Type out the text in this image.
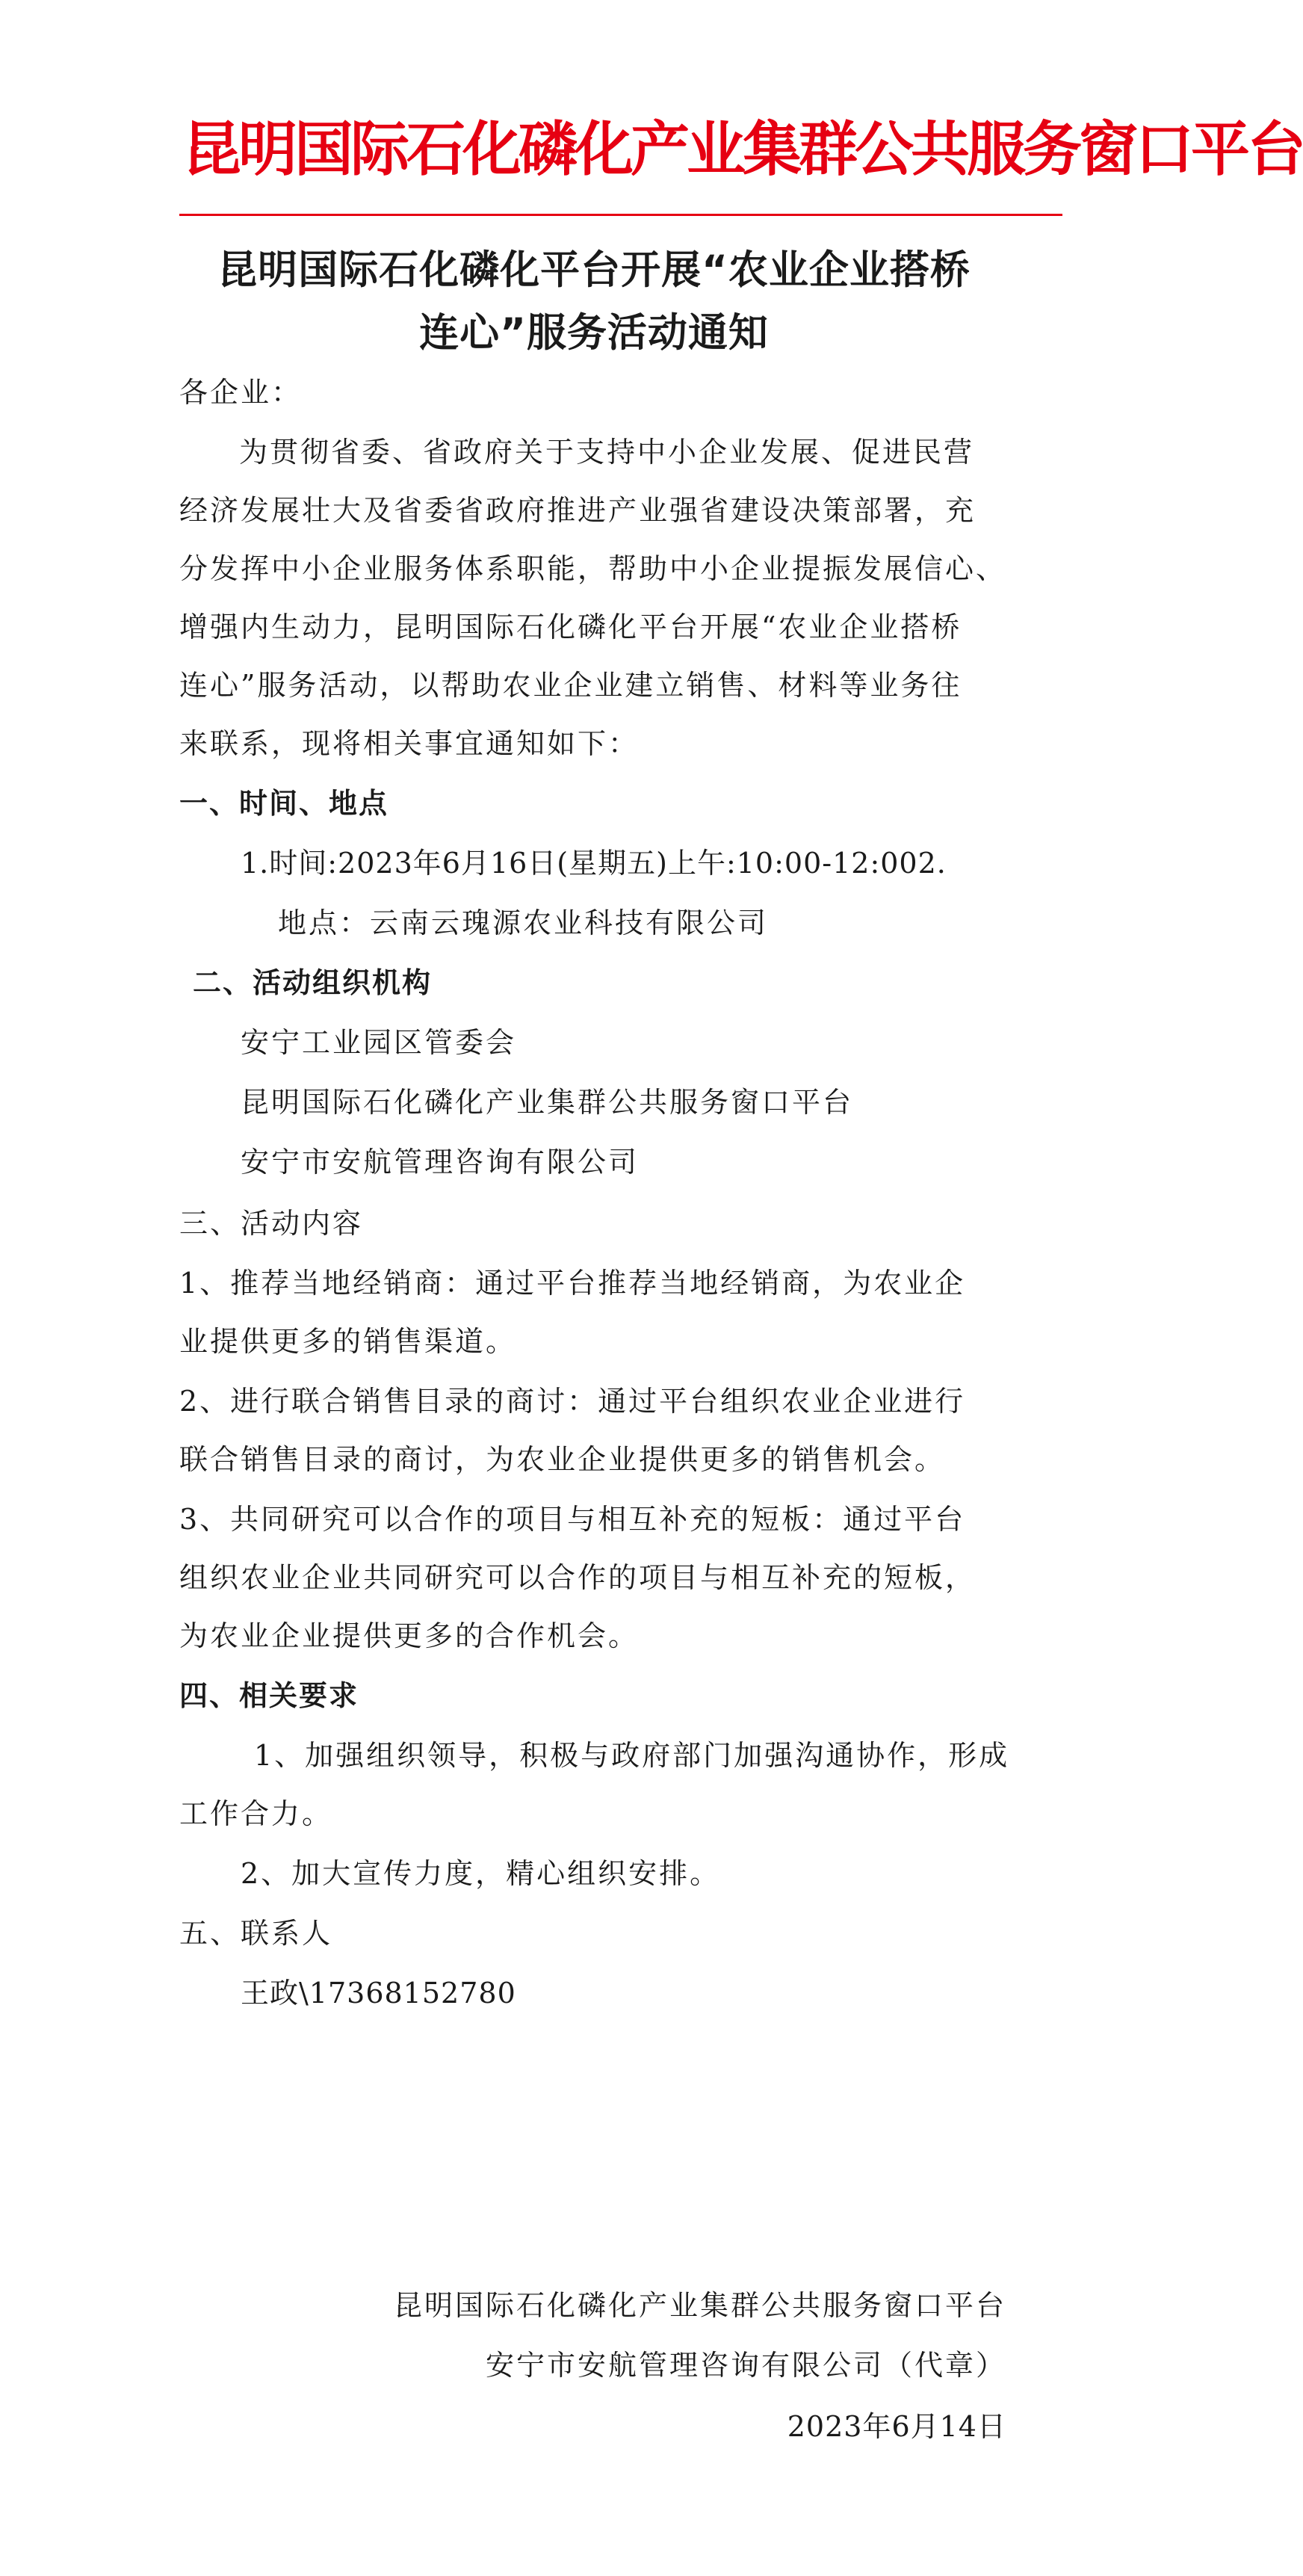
昆明国际石化磷化产业集群公共服务窗口平台
昆明国际石化磷化平台开展“农业企业搭桥
连心”服务活动通知
各企业：
为贯彻省委、省政府关于支持中小企业发展、促进民营
经济发展壮大及省委省政府推进产业强省建设决策部署，充
分发挥中小企业服务体系职能，帮助中小企业提振发展信心、
增强内生动力，昆明国际石化磷化平台开展“农业企业搭桥
连心”服务活动，以帮助农业企业建立销售、材料等业务往
来联系，现将相关事宜通知如下：
一、时间、地点
1.时间:2023年6月16日(星期五)上午:10:00-12:002.
地点：云南云瑰源农业科技有限公司
二、活动组织机构
安宁工业园区管委会
昆明国际石化磷化产业集群公共服务窗口平台
安宁市安航管理咨询有限公司
三、活动内容
1、推荐当地经销商：通过平台推荐当地经销商，为农业企
业提供更多的销售渠道。
2、进行联合销售目录的商讨：通过平台组织农业企业进行
联合销售目录的商讨，为农业企业提供更多的销售机会。
3、共同研究可以合作的项目与相互补充的短板：通过平台
组织农业企业共同研究可以合作的项目与相互补充的短板，
为农业企业提供更多的合作机会。
四、相关要求
1、加强组织领导，积极与政府部门加强沟通协作，形成
工作合力。
2、加大宣传力度，精心组织安排。
五、联系人
王政\17368152780
昆明国际石化磷化产业集群公共服务窗口平台
安宁市安航管理咨询有限公司（代章）
2023年6月14日
